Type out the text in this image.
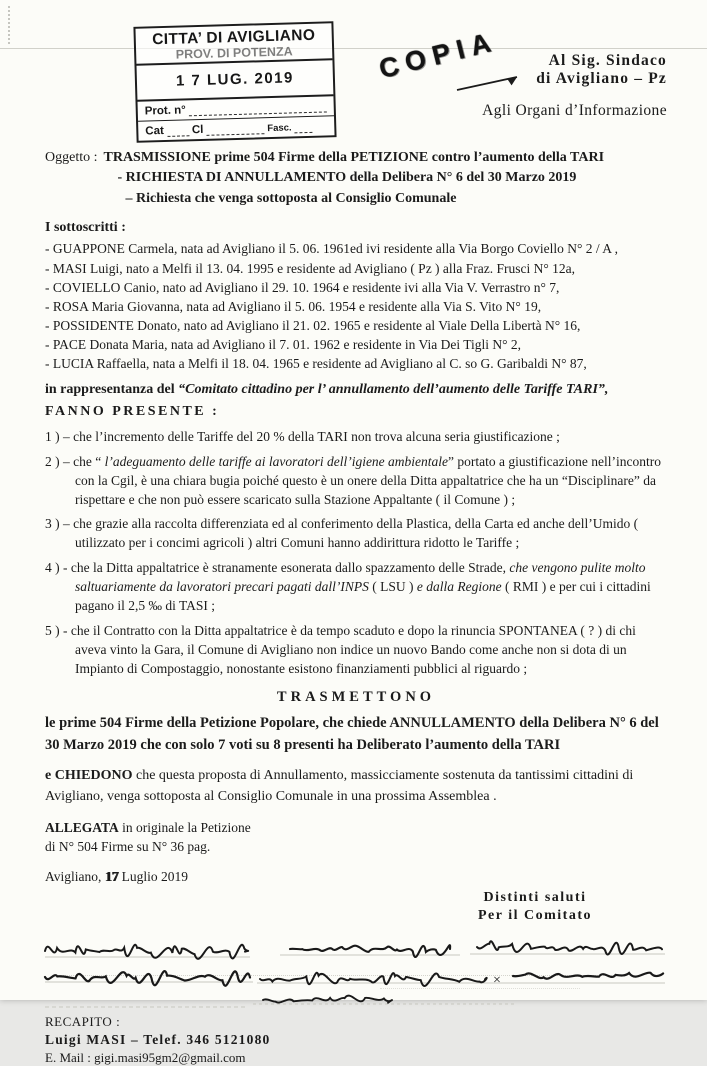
CITTA’ DI AVIGLIANO
PROV. DI POTENZA
1 7 LUG. 2019
Prot. n°
Cat Cl	Fasc.
COPIA	Al Sig. Sindaco
di Avigliano – Pz
Agli Organi d’Informazione
Oggetto : TRASMISSIONE prime 504 Firme della PETIZIONE contro l’aumento della TARI
- RICHIESTA DI ANNULLAMENTO della Delibera N° 6 del 30 Marzo 2019
– Richiesta che venga sottoposta al Consiglio Comunale
I sottoscritti :
- GUAPPONE Carmela, nata ad Avigliano il 5. 06. 1961ed ivi residente alla Via Borgo Coviello N° 2 / A ,
- MASI Luigi, nato a Melfi il 13. 04. 1995 e residente ad Avigliano ( Pz ) alla Fraz. Frusci N° 12a,
- COVIELLO Canio, nato ad Avigliano il 29. 10. 1964 e residente ivi alla Via V. Verrastro n° 7,
- ROSA Maria Giovanna, nata ad Avigliano il 5. 06. 1954 e residente alla Via S. Vito N° 19,
- POSSIDENTE Donato, nato ad Avigliano il 21. 02. 1965 e residente al Viale Della Libertà N° 16,
- PACE Donata Maria, nata ad Avigliano il 7. 01. 1962 e residente in Via Dei Tigli N° 2,
- LUCIA Raffaella, nata a Melfi il 18. 04. 1965 e residente ad Avigliano al C. so G. Garibaldi N° 87,
in rappresentanza del “Comitato cittadino per l’ annullamento dell’aumento delle Tariffe TARI”,
FANNO PRESENTE :

1 ) – che l’incremento delle Tariffe del 20 % della TARI non trova alcuna seria giustificazione ;

2 ) – che “ l’adeguamento delle tariffe ai lavoratori dell’igiene ambientale” portato a giustificazione nell’incontro con la Cgil, è una chiara bugia poiché questo è un onere della Ditta appaltatrice che ha un “Disciplinare” da rispettare e che non può essere scaricato sulla Stazione Appaltante ( il Comune ) ;

3 ) – che grazie alla raccolta differenziata ed al conferimento della Plastica, della Carta ed anche dell’Umido ( utilizzato per i concimi agricoli ) altri Comuni hanno addirittura ridotto le Tariffe ;

4 ) - che la Ditta appaltatrice è stranamente esonerata dallo spazzamento delle Strade, che vengono pulite molto saltuariamente da lavoratori precari pagati dall’INPS ( LSU ) e dalla Regione ( RMI ) e per cui i cittadini pagano il 2,5 ‰ di TASI ;

5 ) - che il Contratto con la Ditta appaltatrice è da tempo scaduto e dopo la rinuncia SPONTANEA ( ? ) di chi aveva vinto la Gara, il Comune di Avigliano non indice un nuovo Bando come anche non si dota di un Impianto di Compostaggio, nonostante esistono finanziamenti pubblici al riguardo ;

TRASMETTONO
le prime 504 Firme della Petizione Popolare, che chiede ANNULLAMENTO della Delibera N° 6 del 30 Marzo 2019 che con solo 7 voti su 8 presenti ha Deliberato l’aumento della TARI
e CHIEDONO che questa proposta di Annullamento, massicciamente sostenuta da tantissimi cittadini di Avigliano, venga sottoposta al Consiglio Comunale in una prossima Assemblea .
ALLEGATA in originale la Petizione
di N° 504 Firme su N° 36 pag.
Avigliano, 17 Luglio 2019
Distinti saluti
Per il Comitato
×
RECAPITO :
Luigi MASI – Telef. 346 5121080
E. Mail : gigi.masi95gm2@gmail.com
